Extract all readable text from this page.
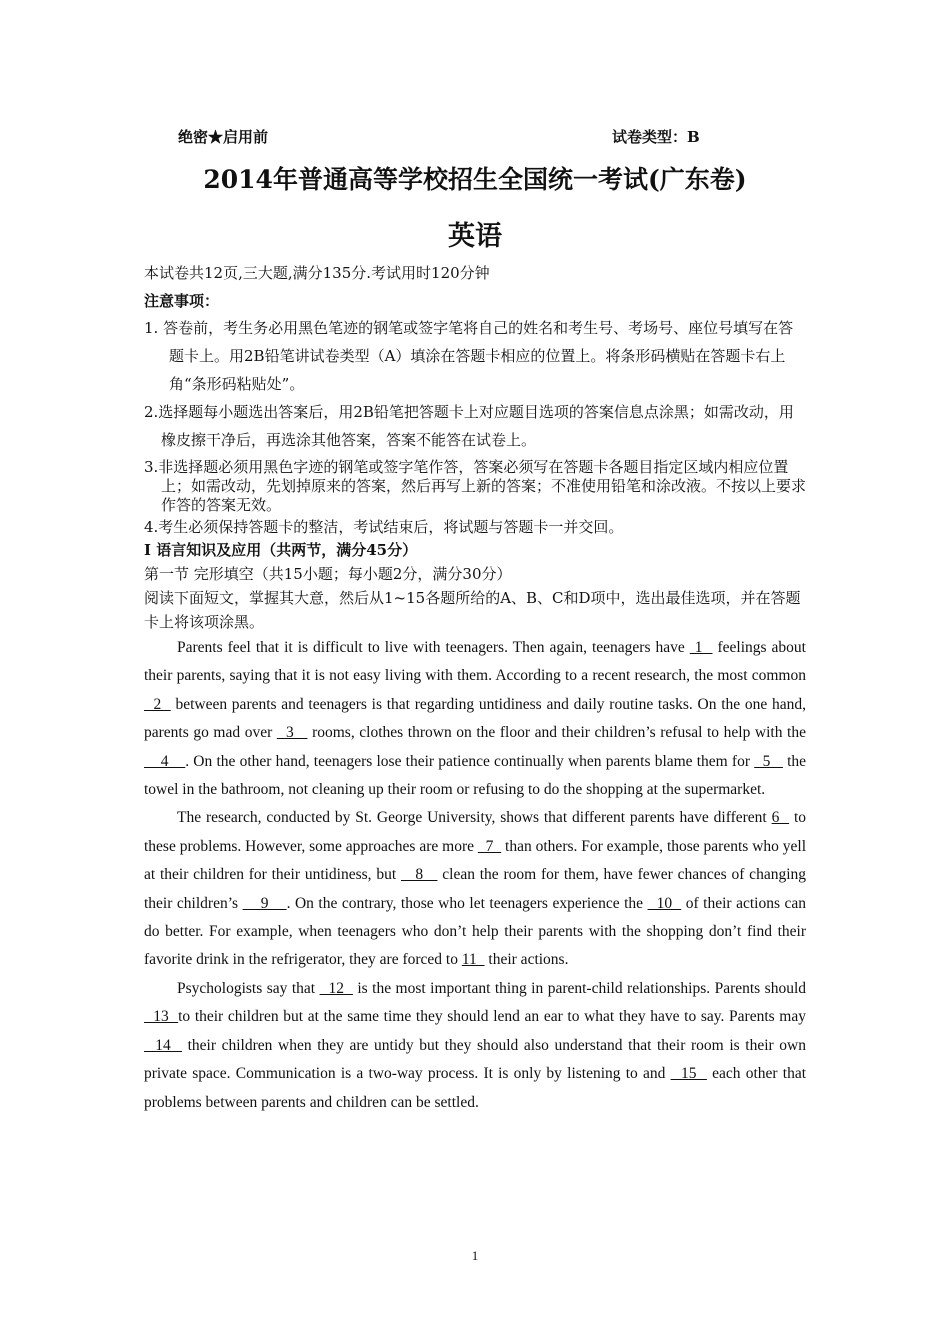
绝密★启用前	试卷类型：B
2014年普通高等学校招生全国统一考试(广东卷)
英语
本试卷共12页,三大题,满分135分.考试用时120分钟
注意事项：
1. 答卷前，考生务必用黑色笔迹的钢笔或签字笔将自己的姓名和考生号、考场号、座位号填写在答题卡上。用2B铅笔讲试卷类型（A）填涂在答题卡相应的位置上。将条形码横贴在答题卡右上角“条形码粘贴处”。
2.选择题每小题选出答案后，用2B铅笔把答题卡上对应题目选项的答案信息点涂黑；如需改动，用橡皮擦干净后，再选涂其他答案，答案不能答在试卷上。
3.非选择题必须用黑色字迹的钢笔或签字笔作答，答案必须写在答题卡各题目指定区域内相应位置上；如需改动，先划掉原来的答案，然后再写上新的答案；不准使用铅笔和涂改液。不按以上要求作答的答案无效。
4.考生必须保持答题卡的整洁，考试结束后，将试题与答题卡一并交回。
I 语言知识及应用（共两节，满分45分）
第一节 完形填空（共15小题；每小题2分，满分30分）
阅读下面短文，掌握其大意，然后从1~15各题所给的A、B、C和D项中，选出最佳选项，并在答题卡上将该项涂黑。

Parents feel that it is difficult to live with teenagers. Then again, teenagers have  1   feelings about their parents, saying that it is not easy living with them. According to a recent research, the most common   2   between parents and teenagers is that regarding untidiness and daily routine tasks. On the one hand, parents go mad over   3    rooms, clothes thrown on the floor and their children’s refusal to help with the     4    . On the other hand, teenagers lose their patience continually when parents blame them for   5    the towel in the bathroom, not cleaning up their room or refusing to do the shopping at the supermarket.

The research, conducted by St. George University, shows that different parents have different 6   to these problems. However, some approaches are more   7   than others. For example, those parents who yell at their children for their untidiness, but    8    clean the room for them, have fewer chances of changing their children’s     9    . On the contrary, those who let teenagers experience the   10   of their actions can do better. For example, when teenagers who don’t help their parents with the shopping don’t find their favorite drink in the refrigerator, they are forced to 11   their actions.

Psychologists say that   12   is the most important thing in parent-child relationships. Parents should   13  to their children but at the same time they should lend an ear to what they have to say. Parents may   14   their children when they are untidy but they should also understand that their room is their own private space. Communication is a two-way process. It is only by listening to and   15   each other that problems between parents and children can be settled.

1
